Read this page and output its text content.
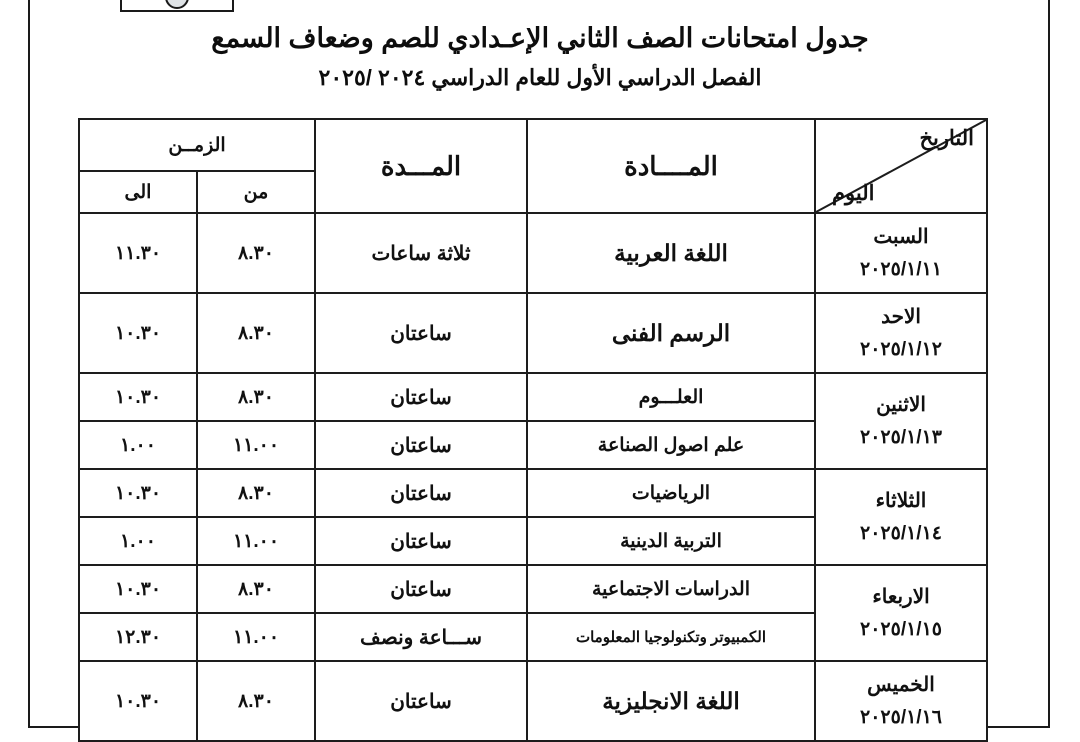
جدول امتحانات الصف الثاني الإعـدادي للصم وضعاف السمع
الفصل الدراسي الأول للعام الدراسي ٢٠٢٤ /٢٠٢٥
التاريخ
اليوم	المــــادة	المـــدة	الزمــن	
			من	الى

السبت
٢٠٢٥/١/١١	اللغة العربية	ثلاثة ساعات	٨.٣٠	١١.٣٠

الاحد
٢٠٢٥/١/١٢	الرسم الفنى	ساعتان	٨.٣٠	١٠.٣٠

الاثنين
٢٠٢٥/١/١٣	العلـــوم	ساعتان	٨.٣٠	١٠.٣٠
	علم اصول الصناعة	ساعتان	١١.٠٠	١.٠٠

الثلاثاء
٢٠٢٥/١/١٤	الرياضيات	ساعتان	٨.٣٠	١٠.٣٠
	التربية الدينية	ساعتان	١١.٠٠	١.٠٠

الاربعاء
٢٠٢٥/١/١٥	الدراسات الاجتماعية	ساعتان	٨.٣٠	١٠.٣٠
	الكمبيوتر وتكنولوجيا المعلومات	ســـاعة ونصف	١١.٠٠	١٢.٣٠

الخميس
٢٠٢٥/١/١٦	اللغة الانجليزية	ساعتان	٨.٣٠	١٠.٣٠
